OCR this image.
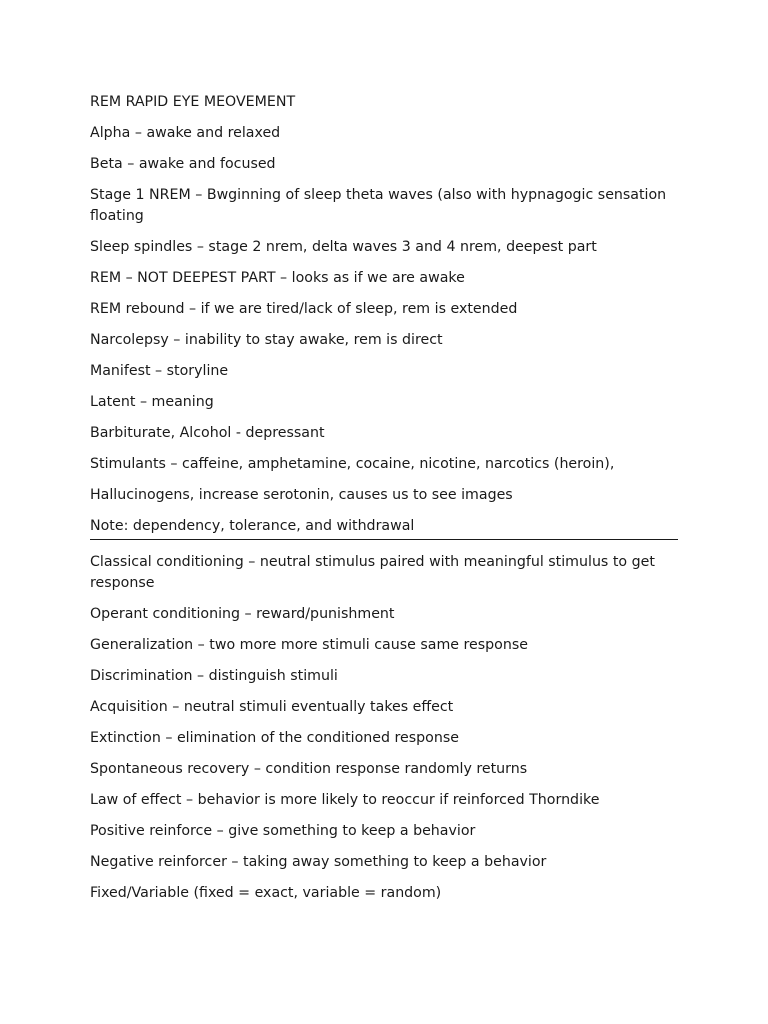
REM RAPID EYE MEOVEMENT

Alpha – awake and relaxed

Beta – awake and focused

Stage 1 NREM – Bwginning of sleep theta waves (also with hypnagogic sensation floating

Sleep spindles – stage 2 nrem, delta waves 3 and 4 nrem, deepest part

REM – NOT DEEPEST PART – looks as if we are awake

REM rebound – if we are tired/lack of sleep, rem is extended

Narcolepsy – inability to stay awake, rem is direct

Manifest – storyline

Latent – meaning

Barbiturate, Alcohol - depressant

Stimulants – caffeine, amphetamine, cocaine, nicotine, narcotics (heroin),

Hallucinogens, increase serotonin, causes us to see images

Note: dependency, tolerance, and withdrawal

Classical conditioning – neutral stimulus paired with meaningful stimulus to get response

Operant conditioning – reward/punishment

Generalization – two more more stimuli cause same response

Discrimination – distinguish stimuli

Acquisition – neutral stimuli eventually takes effect

Extinction – elimination of the conditioned response

Spontaneous recovery – condition response randomly returns

Law of effect – behavior is more likely to reoccur if reinforced Thorndike

Positive reinforce – give something to keep a behavior

Negative reinforcer – taking away something to keep a behavior

Fixed/Variable (fixed = exact, variable = random)
